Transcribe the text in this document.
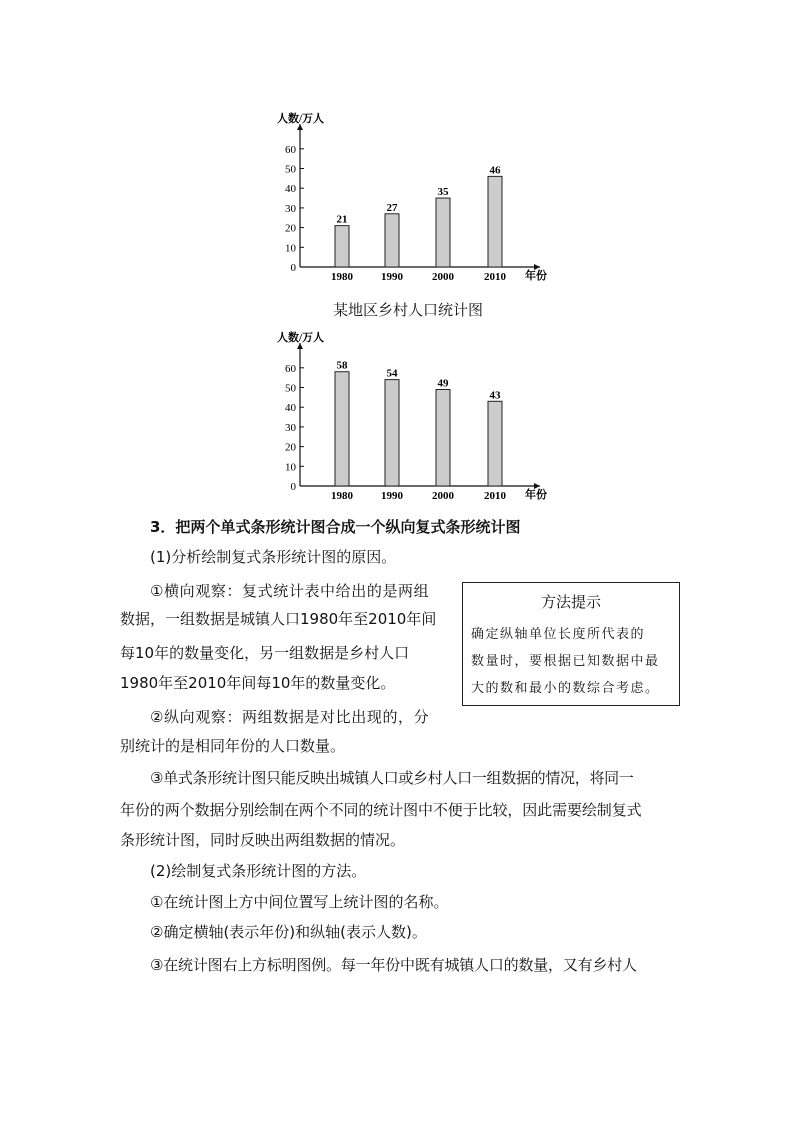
人数/万人
年份
0
10
20
30
40
50
60
21
1980
27
1990
35
2000
46
2010
某地区乡村人口统计图
人数/万人
年份
0
10
20
30
40
50
60	58
1980
54
1990
49
2000
43
2010
3．把两个单式条形统计图合成一个纵向复式条形统计图
(1)分析绘制复式条形统计图的原因。
①横向观察：复式统计表中给出的是两组
数据，一组数据是城镇人口1980年至2010年间
每10年的数量变化，另一组数据是乡村人口
1980年至2010年间每10年的数量变化。
②纵向观察：两组数据是对比出现的，分
别统计的是相同年份的人口数量。
③单式条形统计图只能反映出城镇人口或乡村人口一组数据的情况，将同一
年份的两个数据分别绘制在两个不同的统计图中不便于比较，因此需要绘制复式
条形统计图，同时反映出两组数据的情况。
(2)绘制复式条形统计图的方法。
①在统计图上方中间位置写上统计图的名称。
②确定横轴(表示年份)和纵轴(表示人数)。
③在统计图右上方标明图例。每一年份中既有城镇人口的数量，又有乡村人
方法提示
确定纵轴单位长度所代表的
数量时，要根据已知数据中最
大的数和最小的数综合考虑。
